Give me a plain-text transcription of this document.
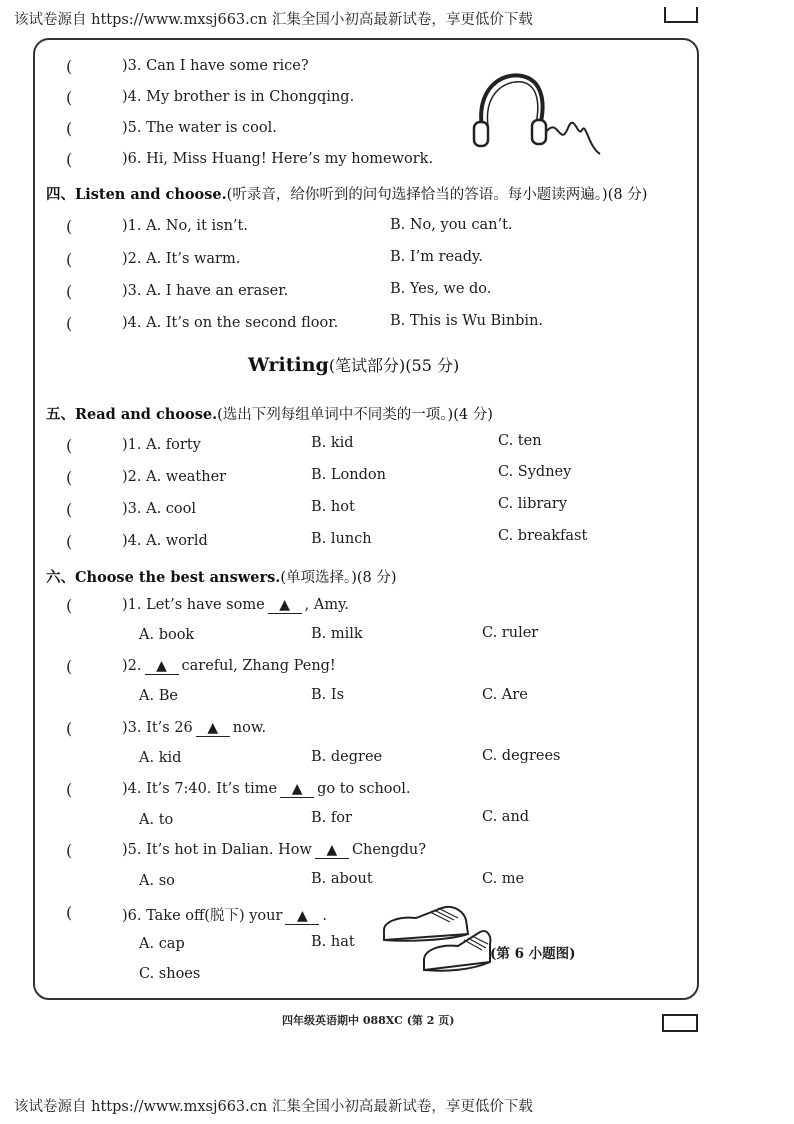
该试卷源自 https://www.mxsj663.cn 汇集全国小初高最新试卷，享更低价下载
(	)3. Can I have some rice?
(	)4. My brother is in Chongqing.
(	)5. The water is cool.
(	)6. Hi, Miss Huang! Here’s my homework.
四、Listen and choose.(听录音，给你听到的问句选择恰当的答语。每小题读两遍。)(8 分)
(	)1. A. No, it isn’t.	B. No, you can’t.
(	)2. A. It’s warm.	B. I’m ready.
(	)3. A. I have an eraser.	B. Yes, we do.
(	)4. A. It’s on the second floor.	B. This is Wu Binbin.
Writing(笔试部分)(55 分)
五、Read and choose.(选出下列每组单词中不同类的一项。)(4 分)
(	)1. A. forty	B. kid	C. ten
(	)2. A. weather	B. London	C. Sydney
(	)3. A. cool	B. hot	C. library
(	)4. A. world	B. lunch	C. breakfast
六、Choose the best answers.(单项选择。)(8 分)
(	)1. Let’s have some ▲ , Amy.
A. book	B. milk	C. ruler
(	)2. ▲ careful, Zhang Peng!
A. Be	B. Is	C. Are
(	)3. It’s 26 ▲ now.
A. kid	B. degree	C. degrees
(	)4. It’s 7:40. It’s time ▲ go to school.
A. to	B. for	C. and
(	)5. It’s hot in Dalian. How ▲ Chengdu?
A. so	B. about	C. me
(	)6. Take off(脱下) your ▲ .
A. cap	B. hat
C. shoes
(第 6 小题图)
四年级英语期中 088XC (第 2 页)
该试卷源自 https://www.mxsj663.cn 汇集全国小初高最新试卷，享更低价下载
